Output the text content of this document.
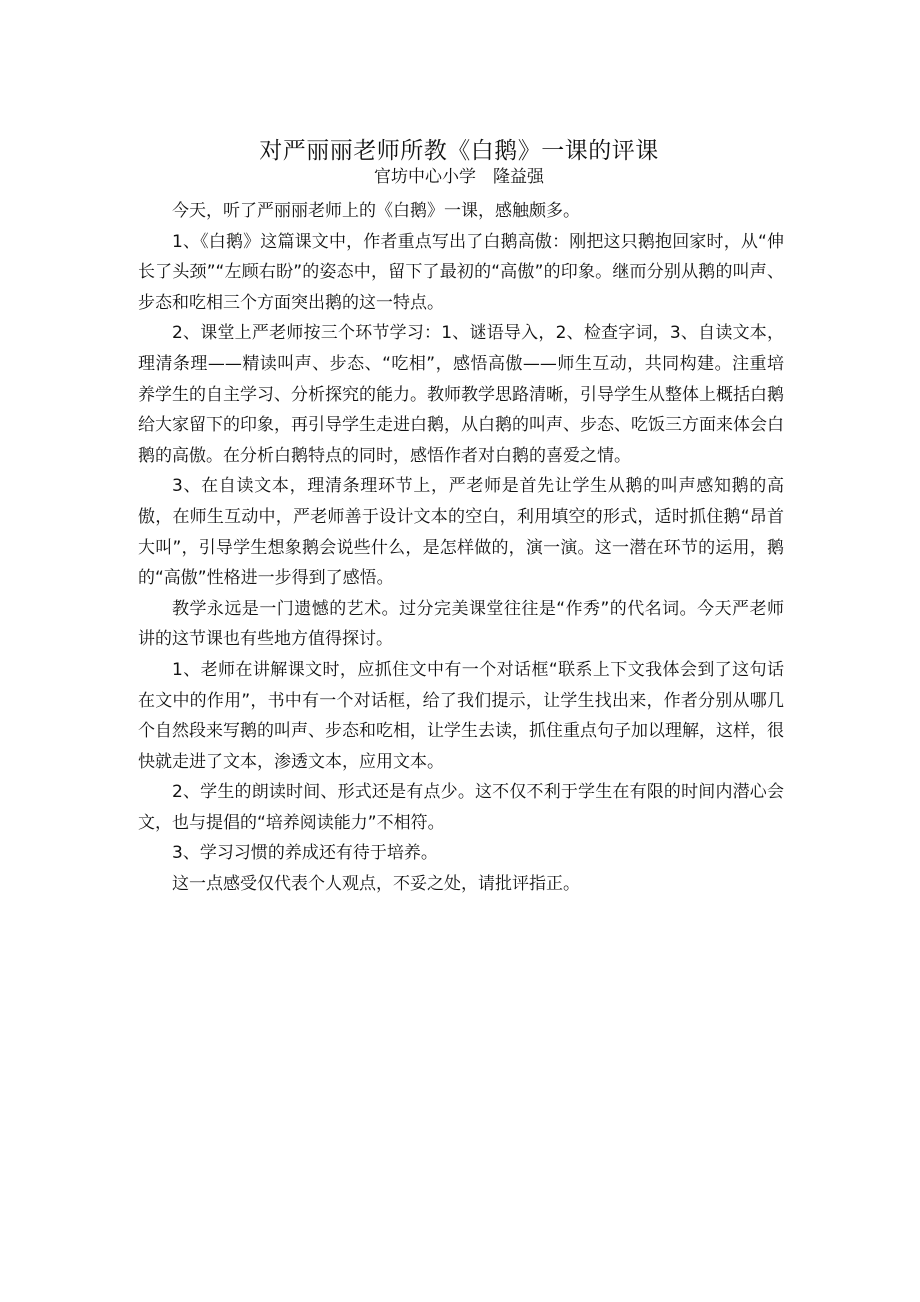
对严丽丽老师所教《白鹅》一课的评课
官坊中心小学　隆益强

今天，听了严丽丽老师上的《白鹅》一课，感触颇多。

1、《白鹅》这篇课文中，作者重点写出了白鹅高傲：刚把这只鹅抱回家时，从“伸长了头颈”“左顾右盼”的姿态中，留下了最初的“高傲”的印象。继而分别从鹅的叫声、步态和吃相三个方面突出鹅的这一特点。

2、课堂上严老师按三个环节学习：1、谜语导入，2、检查字词，3、自读文本，理清条理——精读叫声、步态、“吃相”，感悟高傲——师生互动，共同构建。注重培养学生的自主学习、分析探究的能力。教师教学思路清晰，引导学生从整体上概括白鹅给大家留下的印象，再引导学生走进白鹅，从白鹅的叫声、步态、吃饭三方面来体会白鹅的高傲。在分析白鹅特点的同时，感悟作者对白鹅的喜爱之情。

3、在自读文本，理清条理环节上，严老师是首先让学生从鹅的叫声感知鹅的高傲，在师生互动中，严老师善于设计文本的空白，利用填空的形式，适时抓住鹅“昂首大叫”，引导学生想象鹅会说些什么，是怎样做的，演一演。这一潜在环节的运用，鹅的“高傲”性格进一步得到了感悟。

教学永远是一门遗憾的艺术。过分完美课堂往往是“作秀”的代名词。今天严老师讲的这节课也有些地方值得探讨。

1、老师在讲解课文时，应抓住文中有一个对话框“联系上下文我体会到了这句话在文中的作用”，书中有一个对话框，给了我们提示，让学生找出来，作者分别从哪几个自然段来写鹅的叫声、步态和吃相，让学生去读，抓住重点句子加以理解，这样，很快就走进了文本，渗透文本，应用文本。

2、学生的朗读时间、形式还是有点少。这不仅不利于学生在有限的时间内潜心会文，也与提倡的“培养阅读能力”不相符。

3、学习习惯的养成还有待于培养。

这一点感受仅代表个人观点，不妥之处，请批评指正。
